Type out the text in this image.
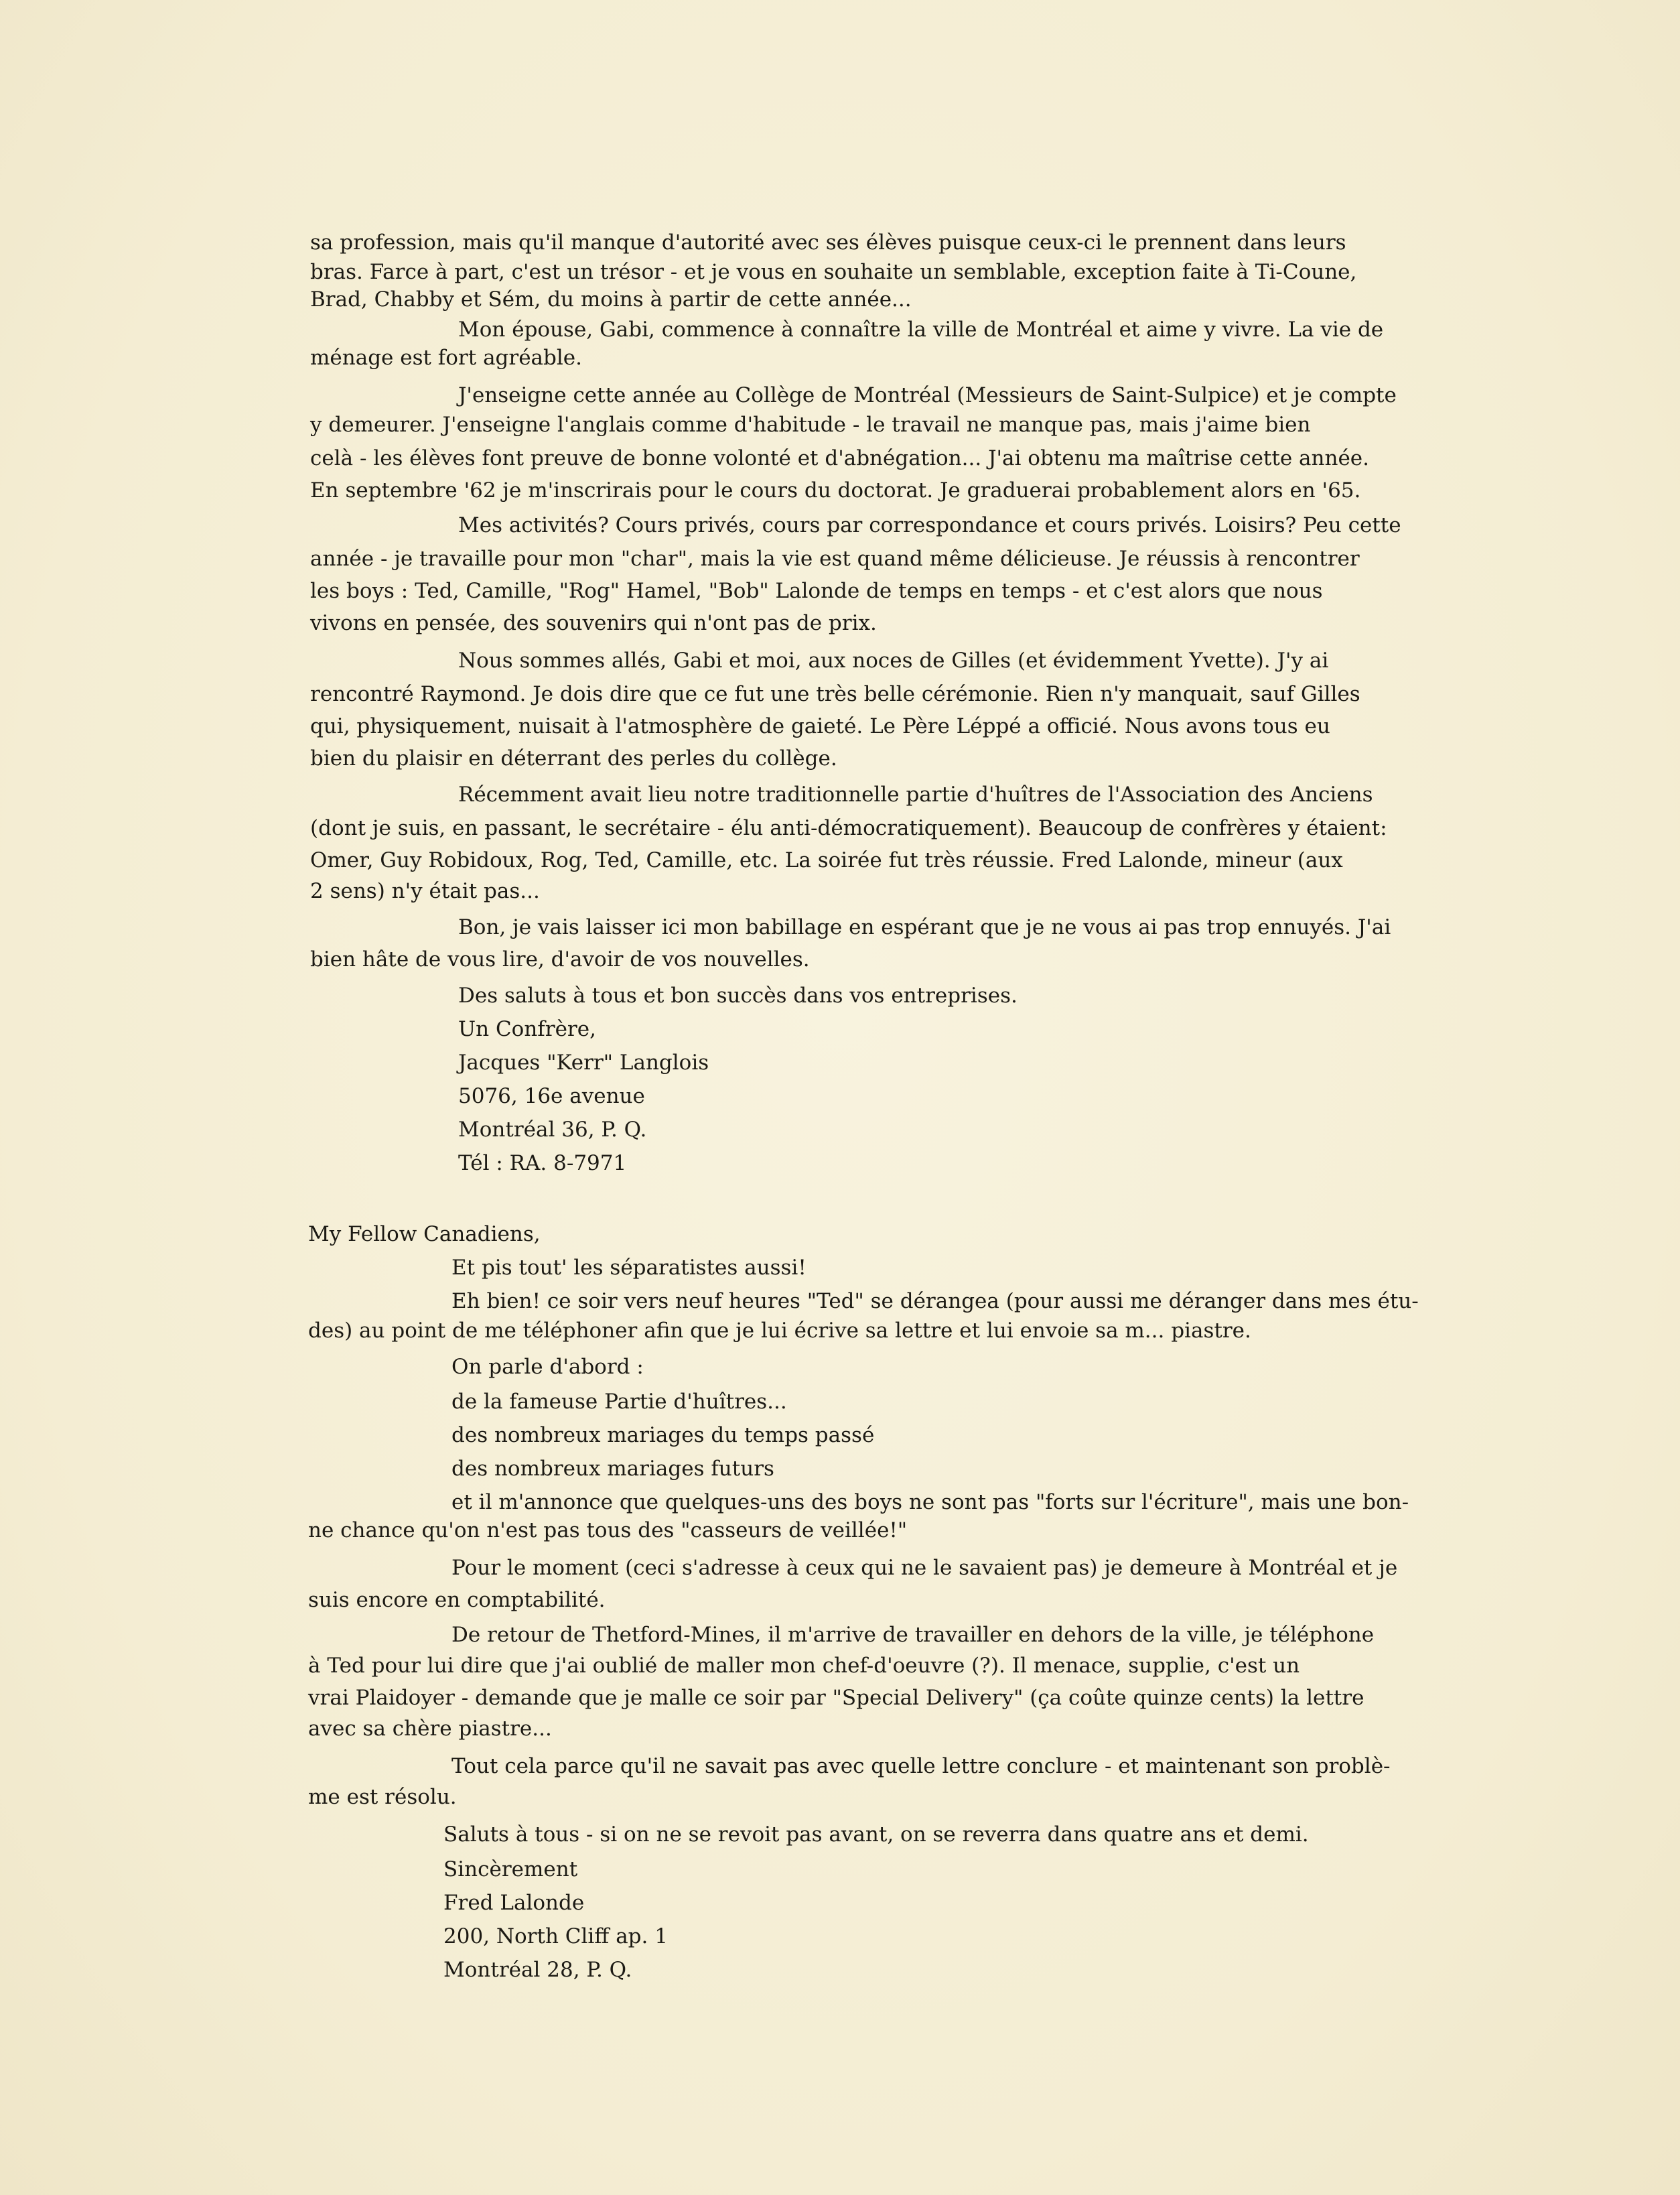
sa profession, mais qu'il manque d'autorité avec ses élèves puisque ceux-ci le prennent dans leurs

bras. Farce à part, c'est un trésor - et je vous en souhaite un semblable, exception faite à Ti-Coune,

Brad, Chabby et Sém, du moins à partir de cette année...

Mon épouse, Gabi, commence à connaître la ville de Montréal et aime y vivre. La vie de

ménage est fort agréable.

J'enseigne cette année au Collège de Montréal (Messieurs de Saint-Sulpice) et je compte

y demeurer. J'enseigne l'anglais comme d'habitude - le travail ne manque pas, mais j'aime bien

celà - les élèves font preuve de bonne volonté et d'abnégation... J'ai obtenu ma maîtrise cette année.

En septembre '62 je m'inscrirais pour le cours du doctorat. Je graduerai probablement alors en '65.

Mes activités? Cours privés, cours par correspondance et cours privés. Loisirs? Peu cette

année - je travaille pour mon "char", mais la vie est quand même délicieuse. Je réussis à rencontrer

les boys : Ted, Camille, "Rog" Hamel, "Bob" Lalonde de temps en temps - et c'est alors que nous

vivons en pensée, des souvenirs qui n'ont pas de prix.

Nous sommes allés, Gabi et moi, aux noces de Gilles (et évidemment Yvette). J'y ai

rencontré Raymond. Je dois dire que ce fut une très belle cérémonie. Rien n'y manquait, sauf Gilles

qui, physiquement, nuisait à l'atmosphère de gaieté. Le Père Léppé a officié. Nous avons tous eu

bien du plaisir en déterrant des perles du collège.

Récemment avait lieu notre traditionnelle partie d'huîtres de l'Association des Anciens

(dont je suis, en passant, le secrétaire - élu anti-démocratiquement). Beaucoup de confrères y étaient:

Omer, Guy Robidoux, Rog, Ted, Camille, etc. La soirée fut très réussie. Fred Lalonde, mineur (aux

2 sens) n'y était pas...

Bon, je vais laisser ici mon babillage en espérant que je ne vous ai pas trop ennuyés. J'ai

bien hâte de vous lire, d'avoir de vos nouvelles.

Des saluts à tous et bon succès dans vos entreprises.

Un Confrère,

Jacques "Kerr" Langlois

5076, 16e avenue

Montréal 36, P. Q.

Tél : RA. 8-7971

My Fellow Canadiens,

Et pis tout' les séparatistes aussi!

Eh bien! ce soir vers neuf heures "Ted" se dérangea (pour aussi me déranger dans mes étu-

des) au point de me téléphoner afin que je lui écrive sa lettre et lui envoie sa m... piastre.

On parle d'abord :

de la fameuse Partie d'huîtres...

des nombreux mariages du temps passé

des nombreux mariages futurs

et il m'annonce que quelques-uns des boys ne sont pas "forts sur l'écriture", mais une bon-

ne chance qu'on n'est pas tous des "casseurs de veillée!"

Pour le moment (ceci s'adresse à ceux qui ne le savaient pas) je demeure à Montréal et je

suis encore en comptabilité.

De retour de Thetford-Mines, il m'arrive de travailler en dehors de la ville, je téléphone

à Ted pour lui dire que j'ai oublié de maller mon chef-d'oeuvre (?). Il menace, supplie, c'est un

vrai Plaidoyer - demande que je malle ce soir par "Special Delivery" (ça coûte quinze cents) la lettre

avec sa chère piastre...

Tout cela parce qu'il ne savait pas avec quelle lettre conclure - et maintenant son problè-

me est résolu.

Saluts à tous - si on ne se revoit pas avant, on se reverra dans quatre ans et demi.

Sincèrement

Fred Lalonde

200, North Cliff ap. 1

Montréal 28, P. Q.
